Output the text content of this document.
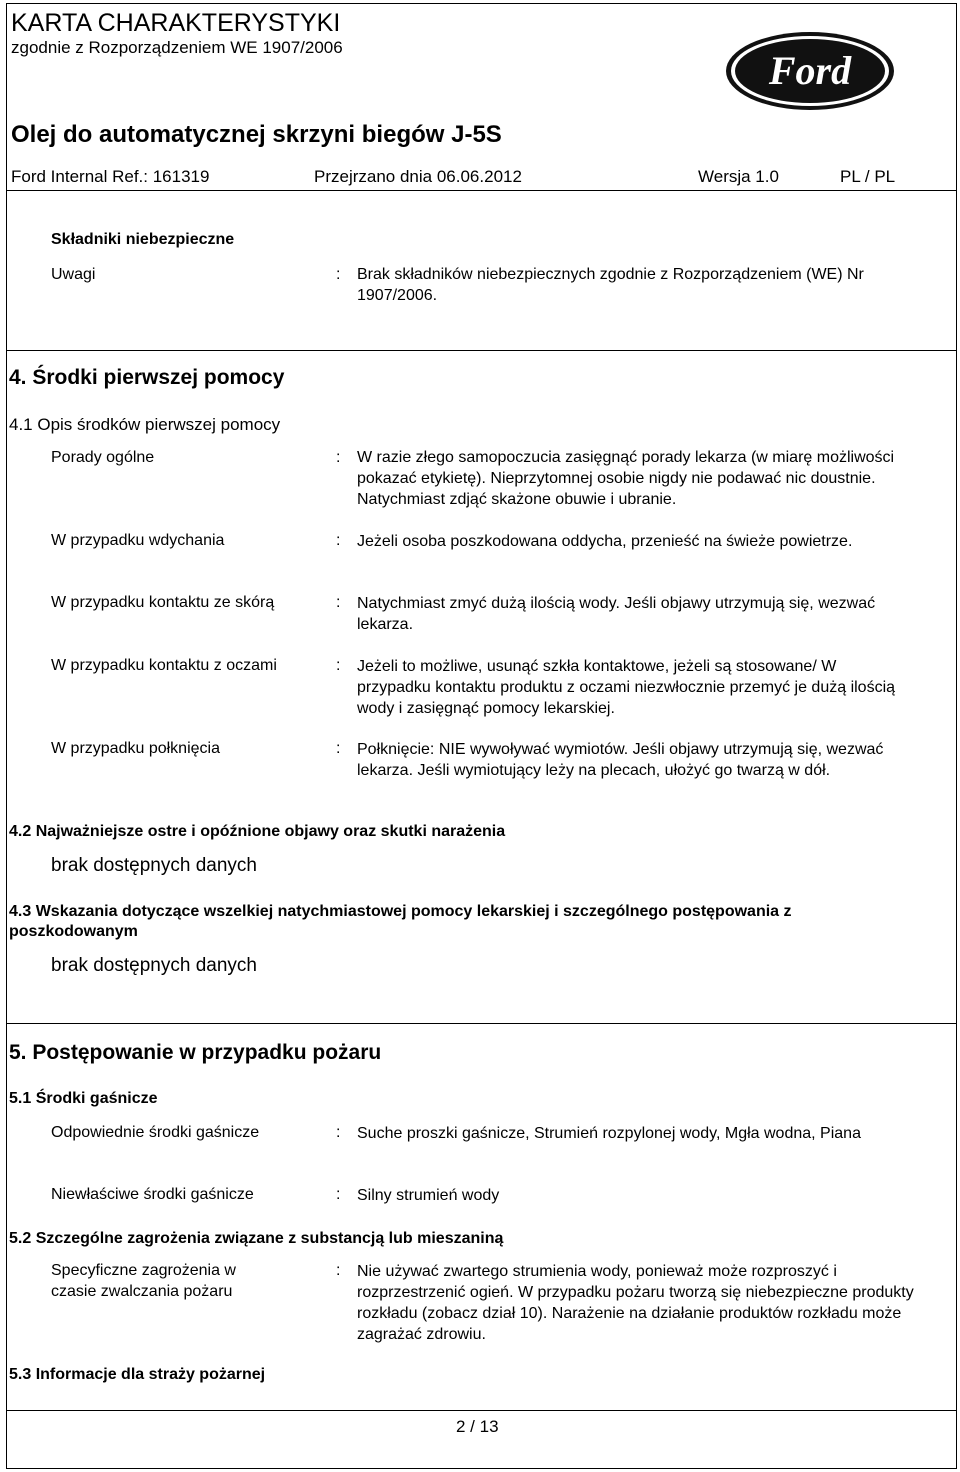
KARTA CHARAKTERYSTYKI
zgodnie z Rozporządzeniem WE 1907/2006
Ford
Olej do automatycznej skrzyni biegów J-5S
Ford Internal Ref.: 161319	Przejrzano dnia 06.06.2012	Wersja 1.0	PL / PL
Składniki niebezpieczne
Uwagi	: Brak składników niebezpiecznych zgodnie z Rozporządzeniem (WE) Nr 1907/2006.
4. Środki pierwszej pomocy
4.1 Opis środków pierwszej pomocy
Porady ogólne	: W razie złego samopoczucia zasięgnąć porady lekarza (w miarę możliwości pokazać etykietę). Nieprzytomnej osobie nigdy nie podawać nic doustnie. Natychmiast zdjąć skażone obuwie i ubranie.
W przypadku wdychania	: Jeżeli osoba poszkodowana oddycha, przenieść na świeże powietrze.
W przypadku kontaktu ze skórą	: Natychmiast zmyć dużą ilością wody. Jeśli objawy utrzymują się, wezwać lekarza.
W przypadku kontaktu z oczami	: Jeżeli to możliwe, usunąć szkła kontaktowe, jeżeli są stosowane/ W przypadku kontaktu produktu z oczami niezwłocznie przemyć je dużą ilością wody i zasięgnąć pomocy lekarskiej.
W przypadku połknięcia	: Połknięcie: NIE wywoływać wymiotów. Jeśli objawy utrzymują się, wezwać lekarza. Jeśli wymiotujący leży na plecach, ułożyć go twarzą w dół.
4.2 Najważniejsze ostre i opóźnione objawy oraz skutki narażenia
brak dostępnych danych
4.3 Wskazania dotyczące wszelkiej natychmiastowej pomocy lekarskiej i szczególnego postępowania z
poszkodowanym
brak dostępnych danych
5. Postępowanie w przypadku pożaru
5.1 Środki gaśnicze
Odpowiednie środki gaśnicze	: Suche proszki gaśnicze, Strumień rozpylonej wody, Mgła wodna, Piana
Niewłaściwe środki gaśnicze	: Silny strumień wody
5.2 Szczególne zagrożenia związane z substancją lub mieszaniną
Specyficzne zagrożenia w
czasie zwalczania pożaru
: Nie używać zwartego strumienia wody, ponieważ może rozproszyć i rozprzestrzenić ogień. W przypadku pożaru tworzą się niebezpieczne produkty rozkładu (zobacz dział 10). Narażenie na działanie produktów rozkładu może zagrażać zdrowiu.
5.3 Informacje dla straży pożarnej
2 / 13
